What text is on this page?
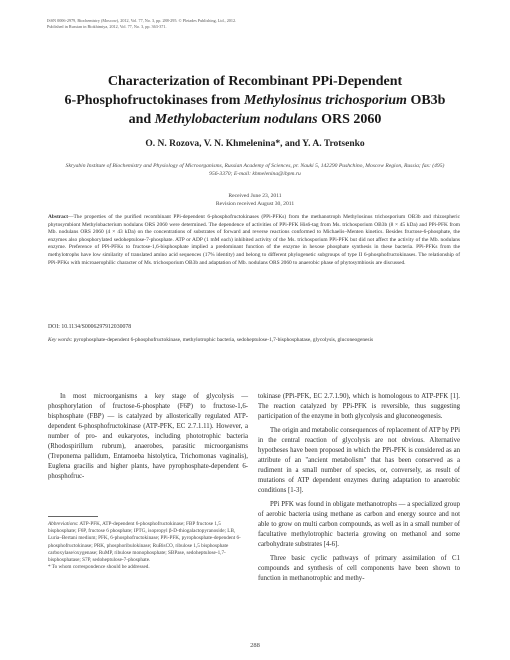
ISSN 0006-2979, Biochemistry (Moscow), 2012, Vol. 77, No. 3, pp. 288-295. © Pleiades Publishing, Ltd., 2012.
Published in Russian in Biokhimiya, 2012, Vol. 77, No. 3, pp. 363-371.
Characterization of Recombinant PPi-Dependent
6-Phosphofructokinases from Methylosinus trichosporium OB3b
and Methylobacterium nodulans ORS 2060
O. N. Rozova, V. N. Khmelenina*, and Y. A. Trotsenko
Skryabin Institute of Biochemistry and Physiology of Microorganisms, Russian Academy of Sciences, pr. Nauki 5, 142290 Pushchino, Moscow Region, Russia; fax: (495) 956-3370; E-mail: khmelenina@ibpm.ru
Received June 23, 2011
Revision received August 30, 2011
Abstract—The properties of the purified recombinant PPi-dependent 6-phosphofructokinases (PPi-PFKs) from the methanotroph Methylosinus trichosporium OB3b and rhizospheric phytosymbiont Methylobacterium nodulans ORS 2060 were determined. The dependence of activities of PPi-PFK His6-tag from Ms. trichosporium OB3b (8 × 45 kDa) and PPi-PFK from Mb. nodulans ORS 2060 (4 × 43 kDa) on the concentrations of substrates of forward and reverse reactions conformed to Michaelis–Menten kinetics. Besides fructose-6-phosphate, the enzymes also phosphorylated sedoheptulose-7-phosphate. ATP or ADP (1 mM each) inhibited activity of the Ms. trichosporium PPi-PFK but did not affect the activity of the Mb. nodulans enzyme. Preference of PPi-PFKs to fructose-1,6-bisphosphate implied a predominant function of the enzyme in hexose phosphate synthesis in these bacteria. PPi-PFKs from the methylotrophs have low similarity of translated amino acid sequences (17% identity) and belong to different phylogenetic subgroups of type II 6-phosphofructokinases. The relationship of PPi-PFKs with microaerophilic character of Ms. trichosporium OB3b and adaptation of Mb. nodulans ORS 2060 to anaerobic phase of phytosymbiosis are discussed.
DOI: 10.1134/S0006297912030078
Key words: pyrophosphate-dependent 6-phosphofructokinase, methylotrophic bacteria, sedoheptulose-1,7-bisphosphatase, glycolysis, gluconeogenesis

In most microorganisms a key stage of glycolysis — phosphorylation of fructose-6-phosphate (F6P) to fructose-1,6-bisphosphate (FBP) — is catalyzed by allosterically regulated ATP-dependent 6-phosphofructokinase (ATP-PFK, EC 2.7.1.11). However, a number of pro- and eukaryotes, including phototrophic bacteria (Rhodospirillum rubrum), anaerobes, parasitic microorganisms (Treponema pallidum, Entamoeba histolytica, Trichomonas vaginalis), Euglena gracilis and higher plants, have pyrophosphate-dependent 6-phosphofruc-

tokinase (PPi-PFK, EC 2.7.1.90), which is homologous to ATP-PFK [1]. The reaction catalyzed by PPi-PFK is reversible, thus suggesting participation of the enzyme in both glycolysis and gluconeogenesis.

The origin and metabolic consequences of replacement of ATP by PPi in the central reaction of glycolysis are not obvious. Alternative hypotheses have been proposed in which the PPi-PFK is considered as an attribute of an "ancient metabolism" that has been conserved as a rudiment in a small number of species, or, conversely, as result of mutations of ATP dependent enzymes during adaptation to anaerobic conditions [1-3].

PPi PFK was found in obligate methanotrophs — a specialized group of aerobic bacteria using methane as carbon and energy source and not able to grow on multi carbon compounds, as well as in a small number of facultative methylotrophic bacteria growing on methanol and some carbohydrate substrates [4-6].

Three basic cyclic pathways of primary assimilation of C1 compounds and synthesis of cell components have been shown to function in methanotrophic and methy-

Abbreviations: ATP-PFK, ATP-dependent 6-phosphofructokinase; FBP fructose 1,5 bisphosphate; F6P, fructose 6 phosphate; IPTG, isopropyl β-D-thiogalactopyranoside; LB, Luria–Bertani medium; PFK, 6-phosphofructokinase; PPi-PFK, pyrophosphate-dependent 6-phosphofructokinase; PRK, phosphoribulokinase; RuBisCO, ribulose 1,5 bisphosphate carboxylase/oxygenase; RuMP, ribulose monophosphate; SBPase, sedoheptulose-1,7-bisphosphatase; S7P, sedoheptulose-7-phosphate.
* To whom correspondence should be addressed.
288
